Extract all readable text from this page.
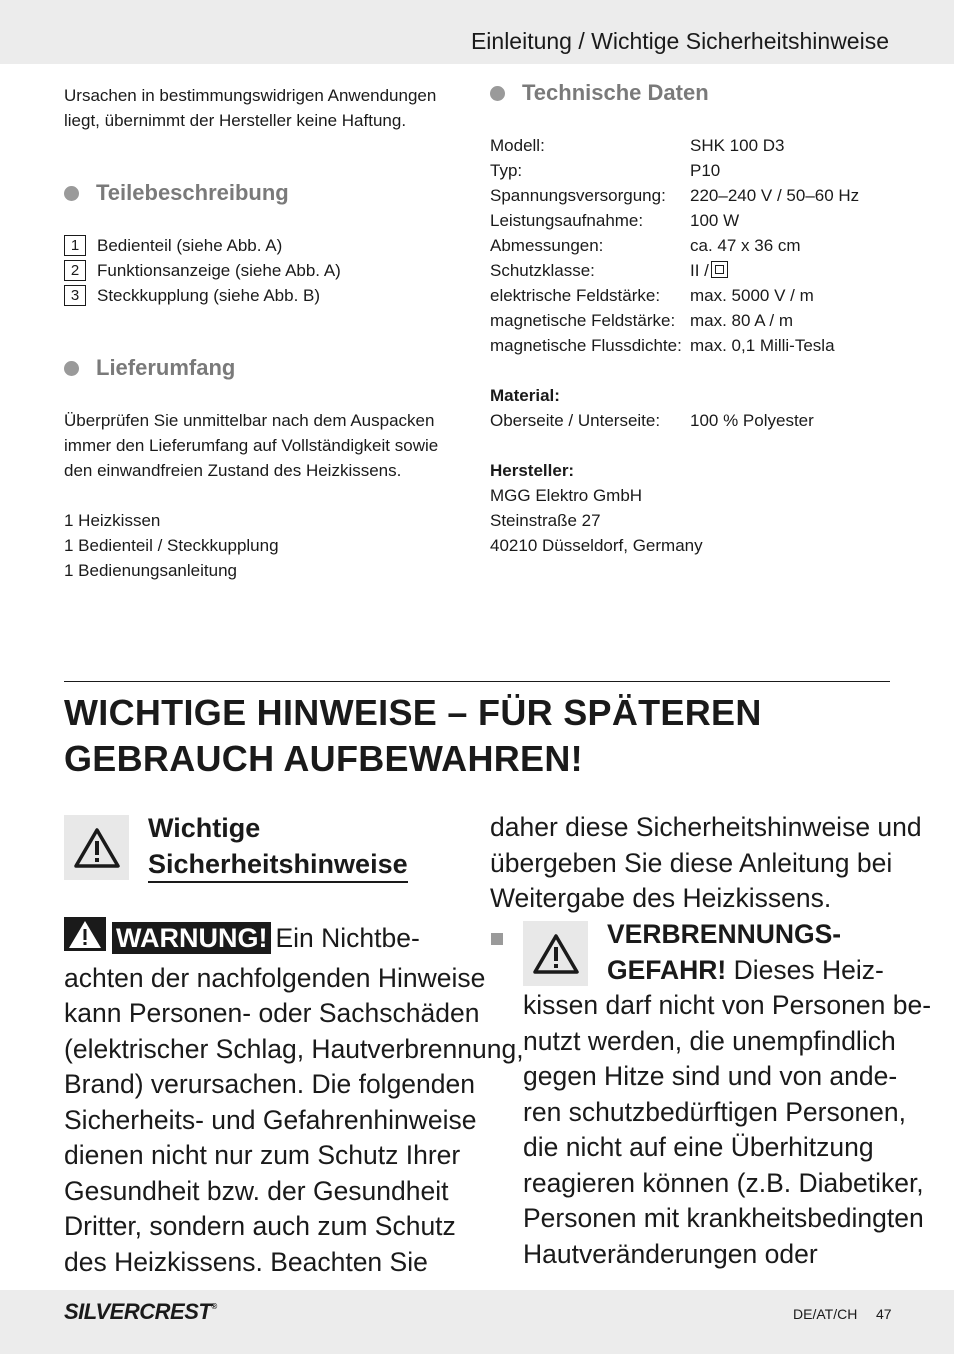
Einleitung / Wichtige Sicherheitshinweise

Ursachen in bestimmungswidrigen Anwendungen

liegt, übernimmt der Hersteller keine Haftung.

Teilebeschreibung
1	Bedienteil (siehe Abb. A)
2	Funktionsanzeige (siehe Abb. A)
3	Steckkupplung (siehe Abb. B)
Lieferumfang

Überprüfen Sie unmittelbar nach dem Auspacken

immer den Lieferumfang auf Vollständigkeit sowie

den einwandfreien Zustand des Heizkissens.

1 Heizkissen

1 Bedienteil / Steckkupplung

1 Bedienungsanleitung

Technische Daten
Modell:	SHK 100 D3
Typ:	P10
Spannungsversorgung:	220–240 V / 50–60 Hz
Leistungsaufnahme:	100 W
Abmessungen:	ca. 47 x 36 cm
Schutzklasse:	II /
elektrische Feldstärke:	max. 5000 V / m
magnetische Feldstärke: max. 80 A / m
magnetische Flussdichte: max. 0,1 Milli-Tesla
Material:
Oberseite / Unterseite:	100 % Polyester
Hersteller:
MGG Elektro GmbH
Steinstraße 27
40210 Düsseldorf, Germany
WICHTIGE HINWEISE – FÜR SPÄTEREN
GEBRAUCH AUFBEWAHREN!
Wichtige
Sicherheitshinweise
WARNUNG! Ein Nichtbe-
achten der nachfolgenden Hinweise
kann Personen- oder Sachschäden
(elektrischer Schlag, Hautverbrennung,
Brand) verursachen. Die folgenden
Sicherheits- und Gefahrenhinweise
dienen nicht nur zum Schutz Ihrer
Gesundheit bzw. der Gesundheit
Dritter, sondern auch zum Schutz
des Heizkissens. Beachten Sie
daher diese Sicherheitshinweise und
übergeben Sie diese Anleitung bei
Weitergabe des Heizkissens.
VERBRENNUNGS-
GEFAHR! Dieses Heiz-
kissen darf nicht von Personen be-
nutzt werden, die unempfindlich
gegen Hitze sind und von ande-
ren schutzbedürftigen Personen,
die nicht auf eine Überhitzung
reagieren können (z.B. Diabetiker,
Personen mit krankheitsbedingten
Hautveränderungen oder
SILVERCREST®	DE/AT/CH 47
